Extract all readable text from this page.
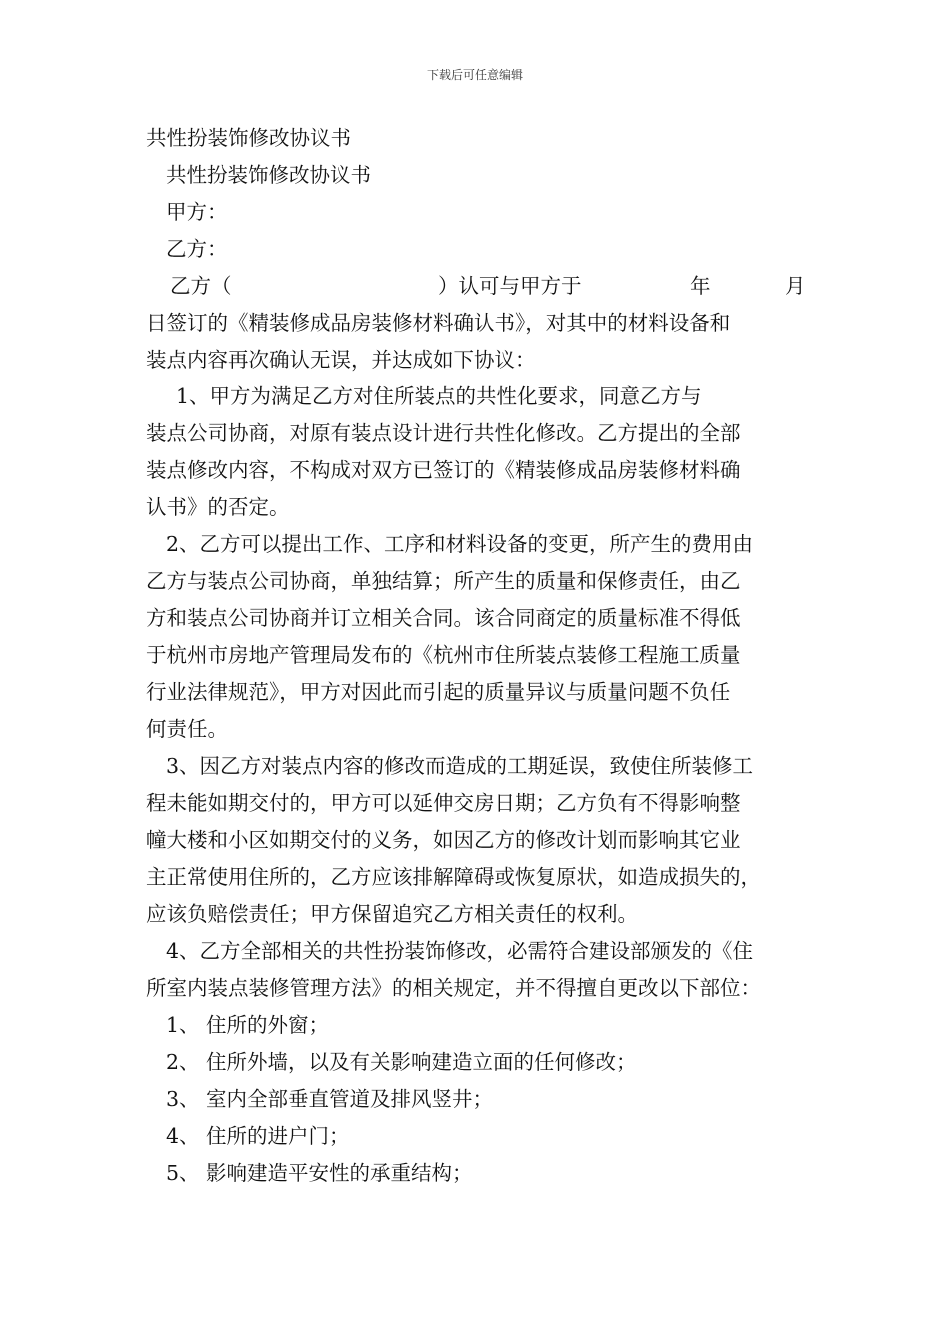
下载后可任意编辑
共性扮装饰修改协议书
共性扮装饰修改协议书
甲方：
乙方：
乙方（	）认可与甲方于	年	月
日签订的《精装修成品房装修材料确认书》，对其中的材料设备和
装点内容再次确认无误，并达成如下协议：
1、甲方为满足乙方对住所装点的共性化要求，同意乙方与
装点公司协商，对原有装点设计进行共性化修改。乙方提出的全部
装点修改内容，不构成对双方已签订的《精装修成品房装修材料确
认书》的否定。
2、乙方可以提出工作、工序和材料设备的变更，所产生的费用由
乙方与装点公司协商，单独结算；所产生的质量和保修责任，由乙
方和装点公司协商并订立相关合同。该合同商定的质量标准不得低
于杭州市房地产管理局发布的《杭州市住所装点装修工程施工质量
行业法律规范》，甲方对因此而引起的质量异议与质量问题不负任
何责任。
3、因乙方对装点内容的修改而造成的工期延误，致使住所装修工
程未能如期交付的，甲方可以延伸交房日期；乙方负有不得影响整
幢大楼和小区如期交付的义务，如因乙方的修改计划而影响其它业
主正常使用住所的，乙方应该排解障碍或恢复原状，如造成损失的，
应该负赔偿责任；甲方保留追究乙方相关责任的权利。
4、乙方全部相关的共性扮装饰修改，必需符合建设部颁发的《住
所室内装点装修管理方法》的相关规定，并不得擅自更改以下部位：
1、 住所的外窗；
2、 住所外墙，以及有关影响建造立面的任何修改；
3、 室内全部垂直管道及排风竖井；
4、 住所的进户门；
5、 影响建造平安性的承重结构；
